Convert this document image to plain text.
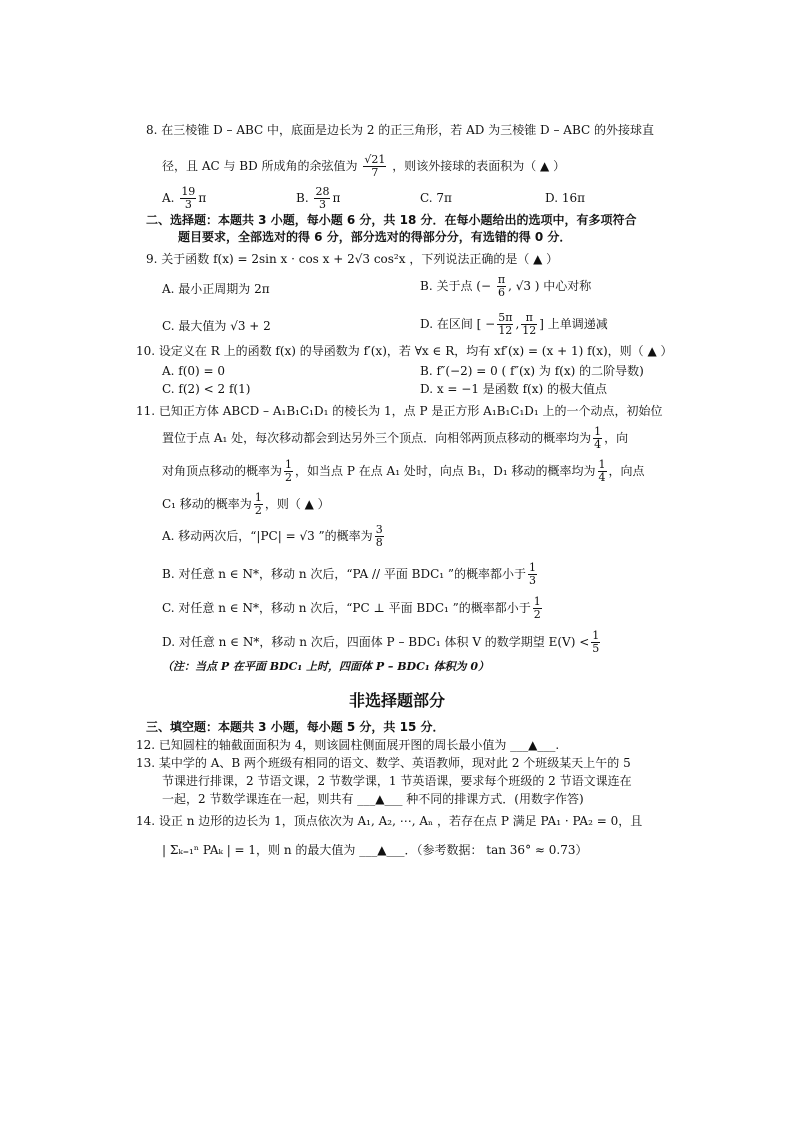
8. 在三棱锥 D – ABC 中，底面是边长为 2 的正三角形，若 AD 为三棱锥 D – ABC 的外接球直
径，且 AC 与 BD 所成角的余弦值为 $\frac{√21}{7}$ ，则该外接球的表面积为（ ▲ ）
A. $\frac{19}{3}$ π	B. $\frac{28}{3}$ π	C. 7π	D. 16π
二、选择题：本题共 3 小题，每小题 6 分，共 18 分．在每小题给出的选项中，有多项符合
题目要求，全部选对的得 6 分，部分选对的得部分分，有选错的得 0 分．
9. 关于函数 f(x) = 2sin x · cos x + 2√3 cos²x ，下列说法正确的是（ ▲ ）
A. 最小正周期为 2π	B. 关于点 (− $\frac{\pi}{6}$ , √3 ) 中心对称
C. 最大值为 √3 + 2	D. 在区间 [ − $\frac{5\pi}{12}$ , $\frac{\pi}{12}$ ] 上单调递减
10. 设定义在 R 上的函数 f(x) 的导函数为 f′(x)，若 ∀x ∈ R，均有 xf′(x) = (x + 1) f(x)，则（ ▲ ）
A. f(0) = 0	B. f″(−2) = 0 ( f″(x) 为 f(x) 的二阶导数)
C. f(2) < 2 f(1)	D. x = −1 是函数 f(x) 的极大值点
11. 已知正方体 ABCD – A₁B₁C₁D₁ 的棱长为 1，点 P 是正方形 A₁B₁C₁D₁ 上的一个动点，初始位
置位于点 A₁ 处，每次移动都会到达另外三个顶点．向相邻两顶点移动的概率均为 $\frac{1}{4}$ ，向
对角顶点移动的概率为 $\frac{1}{2}$ ，如当点 P 在点 A₁ 处时，向点 B₁，D₁ 移动的概率均为 $\frac{1}{4}$ ，向点
C₁ 移动的概率为 $\frac{1}{2}$ ，则（ ▲ ）
A. 移动两次后，“|PC| = √3 ”的概率为 $\frac{3}{8}$
B. 对任意 n ∈ N*，移动 n 次后，“PA // 平面 BDC₁ ”的概率都小于 $\frac{1}{3}$
C. 对任意 n ∈ N*，移动 n 次后，“PC ⊥ 平面 BDC₁ ”的概率都小于 $\frac{1}{2}$
D. 对任意 n ∈ N*，移动 n 次后，四面体 P – BDC₁ 体积 V 的数学期望 $E(V) < \frac{1}{5}$
（注：当点 P 在平面 BDC₁ 上时，四面体 P – BDC₁ 体积为 0）
非选择题部分
三、填空题：本题共 3 小题，每小题 5 分，共 15 分．
12. 已知圆柱的轴截面面积为 4，则该圆柱侧面展开图的周长最小值为 ___▲___.
13. 某中学的 A、B 两个班级有相同的语文、数学、英语教师，现对此 2 个班级某天上午的 5
节课进行排课，2 节语文课，2 节数学课，1 节英语课，要求每个班级的 2 节语文课连在
一起，2 节数学课连在一起，则共有 ___▲___ 种不同的排课方式．(用数字作答)
14. 设正 n 边形的边长为 1，顶点依次为 A₁, A₂, ⋯, Aₙ ，若存在点 P 满足 PA₁ · PA₂ = 0，且
| Σₖ₌₁ⁿ PAₖ | = 1，则 n 的最大值为 ___▲___．（参考数据： tan 36° ≈ 0.73）
